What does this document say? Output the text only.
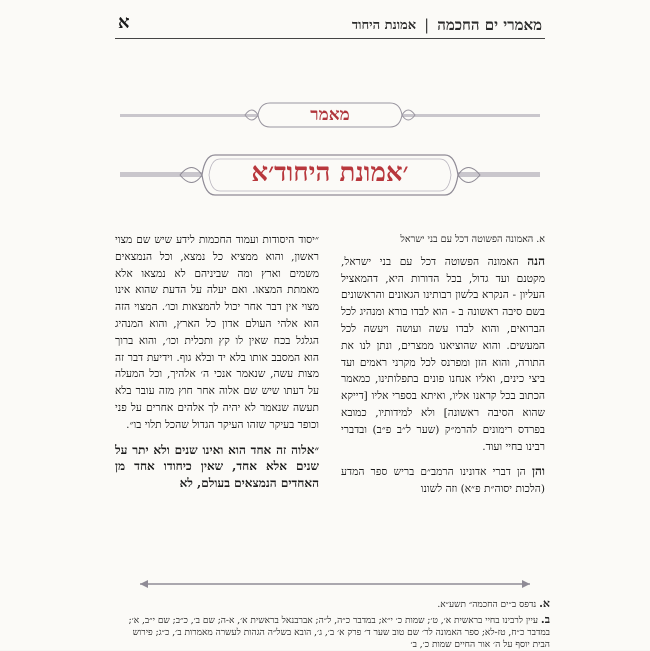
א	מאמרי ים החכמה
|
אמונת היחוד
מאמר
׳אמונת היחוד׳א

א. האמונה הפשוטה דכל עם בני ישראל

הנה האמונה הפשוטה דכל עם בני ישראל, מקטנם ועד גדול, בכל הדורות היא, דהמאציל העליון - הנקרא בלשון רבותינו הגאונים והראשונים בשם סיבה ראשונה ב - הוא לבדו בורא ומנהיג לכל הברואים, והוא לבדו עשה ועושה ויעשה לכל המעשים. והוא שהוציאנו ממצרים, ונתן לנו את התורה, והוא הזן ומפרנס לכל מקרני ראמים ועד ביצי כינים, ואליו אנחנו פונים בתפלותינו, כמאמר הכתוב בכל קראנו אליו, ואיתא בספרי אליו [דייקא שהוא הסיבה ראשונה] ולא למידותיו, כמובא בפרדס רימונים להרמ״ק (שער ל״ב פ״ב) ובדברי רבינו בחיי ועוד.

והן הן דברי אדונינו הרמב״ם בריש ספר המדע (הלכות יסוה״ת פ״א) וזה לשונו

״יסוד היסודות ועמוד החכמות לידע שיש שם מצוי ראשון, והוא ממציא כל נמצא, וכל הנמצאים משמים וארץ ומה שביניהם לא נמצאו אלא מאמתת המצאו. ואם יעלה על הדעת שהוא אינו מצוי אין דבר אחר יכול להמצאות וכו׳. המצוי הזה הוא אלהי העולם אדון כל הארץ, והוא המנהיג הגלגל בכח שאין לו קץ ותכלית וכו׳, והוא ברוך הוא המסבב אותו בלא יד ובלא גוף. וידיעת דבר זה מצות עשה, שנאמר אנכי ה׳ אלהיך, וכל המעלה על דעתו שיש שם אלוה אחר חוץ מזה עובר בלא תעשה שנאמר לא יהיה לך אלהים אחרים על פני וכופר בעיקר שזהו העיקר הגדול שהכל תלוי בו״.

״אלוה זה אחד הוא ואינו שנים ולא יתר על שנים אלא אחד, שאין כיחודו אחד מן האחדים הנמצאים בעולם, לא

א. נדפס ב״ים החכמה״ תשע״א.
ב. עיין לרבינו בחיי בראשית א׳, ט׳; שמות כ׳ י״א; במדבר כ״ה, ל״ה; אברבנאל בראשית א׳, א-ה; שם ב׳, כ״ב; שם י״ב, א׳; במדבר כ״ח, טז-לא; ספר האמונה לר׳ שם טוב שער ד׳ פרק א׳ ב׳, ג׳, הובא בשל״ה הגהות לעשרה מאמרות ב׳, כ״ג; פירוש הבית יוסף על ה׳ אור החיים שמות כ׳, ב׳
